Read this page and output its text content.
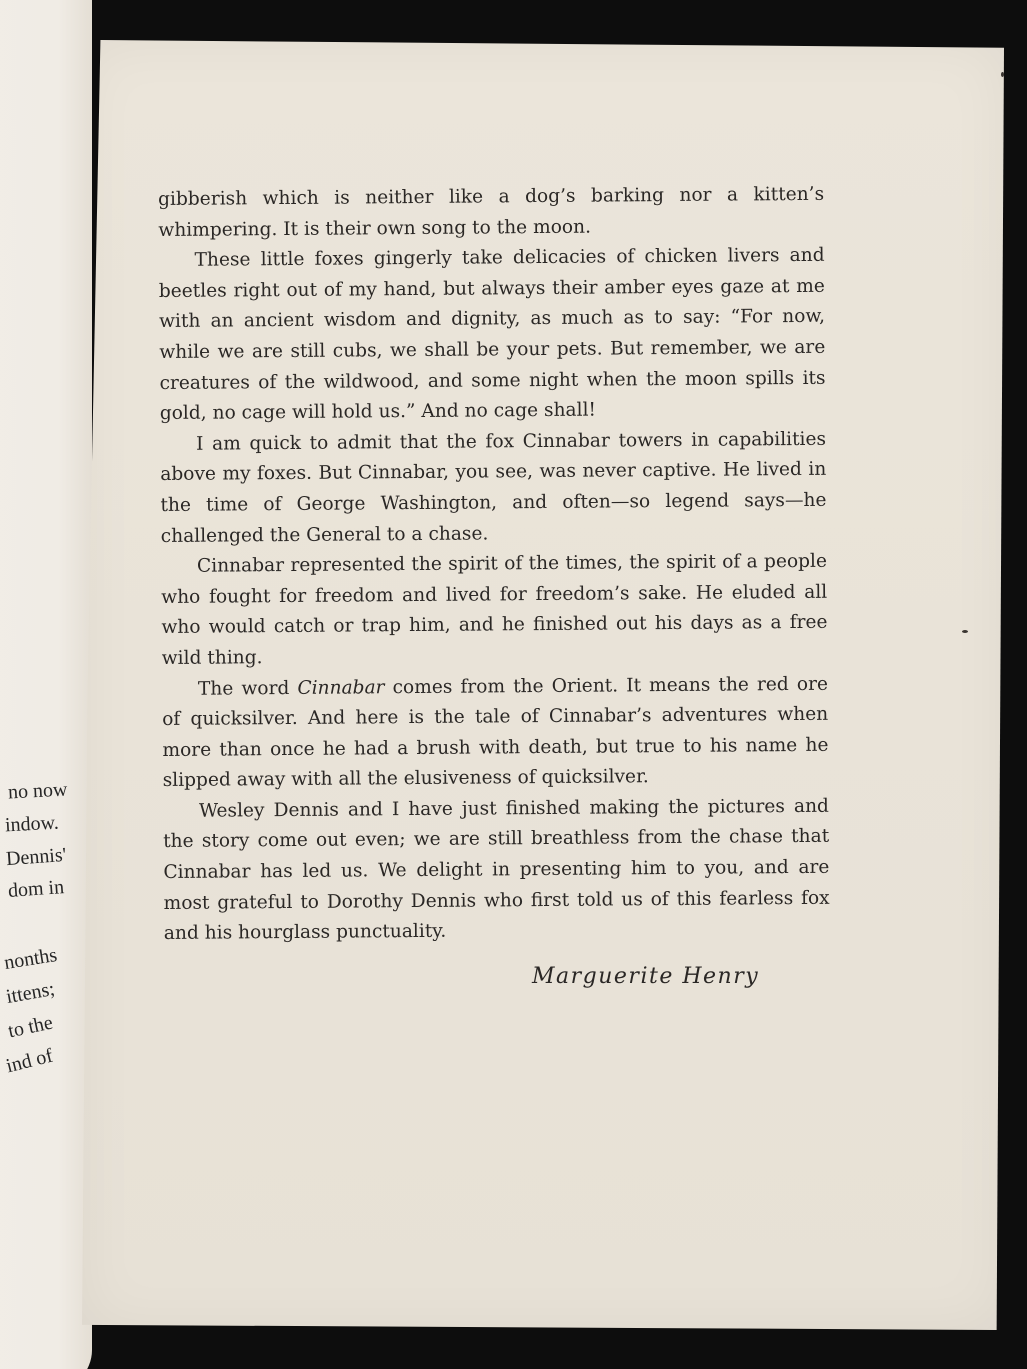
no now
indow.
Dennis'
dom in
nonths
ittens;
to the
ind of

gibberish which is neither like a dog’s barking nor a kitten’s whimpering. It is their own song to the moon.

These little foxes gingerly take delicacies of chicken livers and beetles right out of my hand, but always their amber eyes gaze at me with an ancient wisdom and dignity, as much as to say: “For now, while we are still cubs, we shall be your pets. But remember, we are creatures of the wildwood, and some night when the moon spills its gold, no cage will hold us.” And no cage shall!

I am quick to admit that the fox Cinnabar towers in capabilities above my foxes. But Cinnabar, you see, was never captive. He lived in the time of George Washington, and often—so legend says—he challenged the General to a chase.

Cinnabar represented the spirit of the times, the spirit of a people who fought for freedom and lived for freedom’s sake. He eluded all who would catch or trap him, and he finished out his days as a free wild thing.

The word Cinnabar comes from the Orient. It means the red ore of quicksilver. And here is the tale of Cinnabar’s adventures when more than once he had a brush with death, but true to his name he slipped away with all the elusiveness of quicksilver.

Wesley Dennis and I have just finished making the pictures and the story come out even; we are still breathless from the chase that Cinnabar has led us. We delight in presenting him to you, and are most grateful to Dorothy Dennis who first told us of this fearless fox and his hourglass punctuality.

Marguerite Henry
